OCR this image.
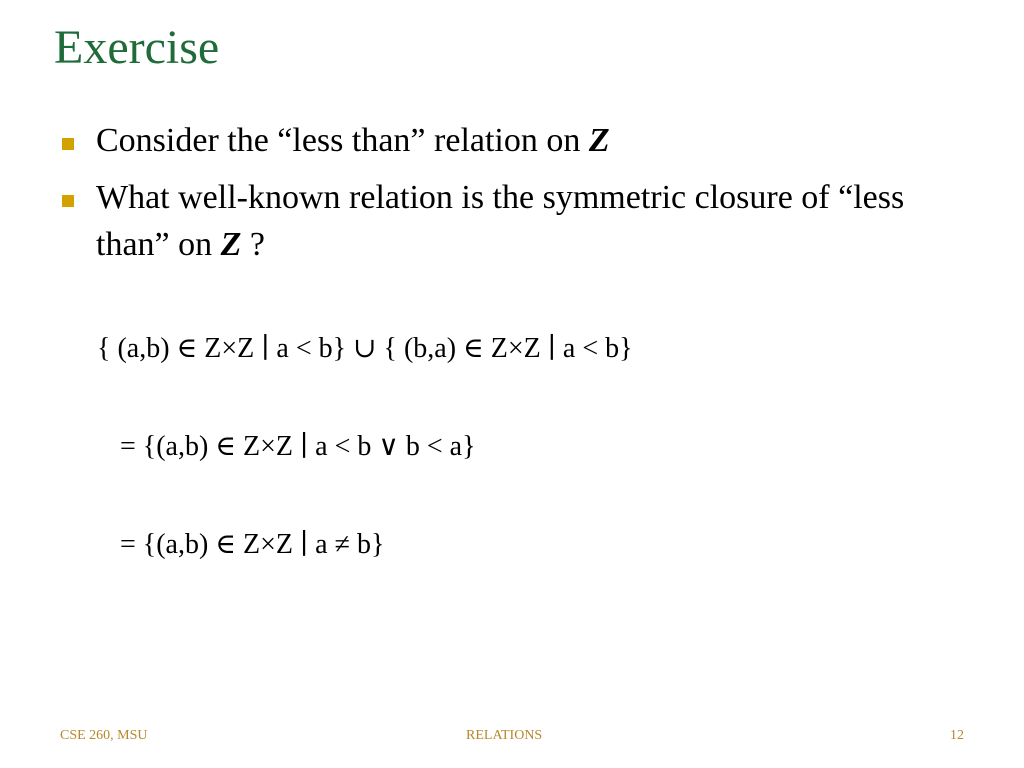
Exercise
Consider the “less than” relation on Z
What well-known relation is the symmetric closure of “less than” on Z ?
{ (a,b) ∈ Z×Z ∣ a < b} ∪ { (b,a) ∈ Z×Z ∣ a < b}
= {(a,b) ∈ Z×Z ∣ a < b ∨ b < a}
= {(a,b) ∈ Z×Z ∣ a ≠ b}
CSE 260, MSU	RELATIONS	12
